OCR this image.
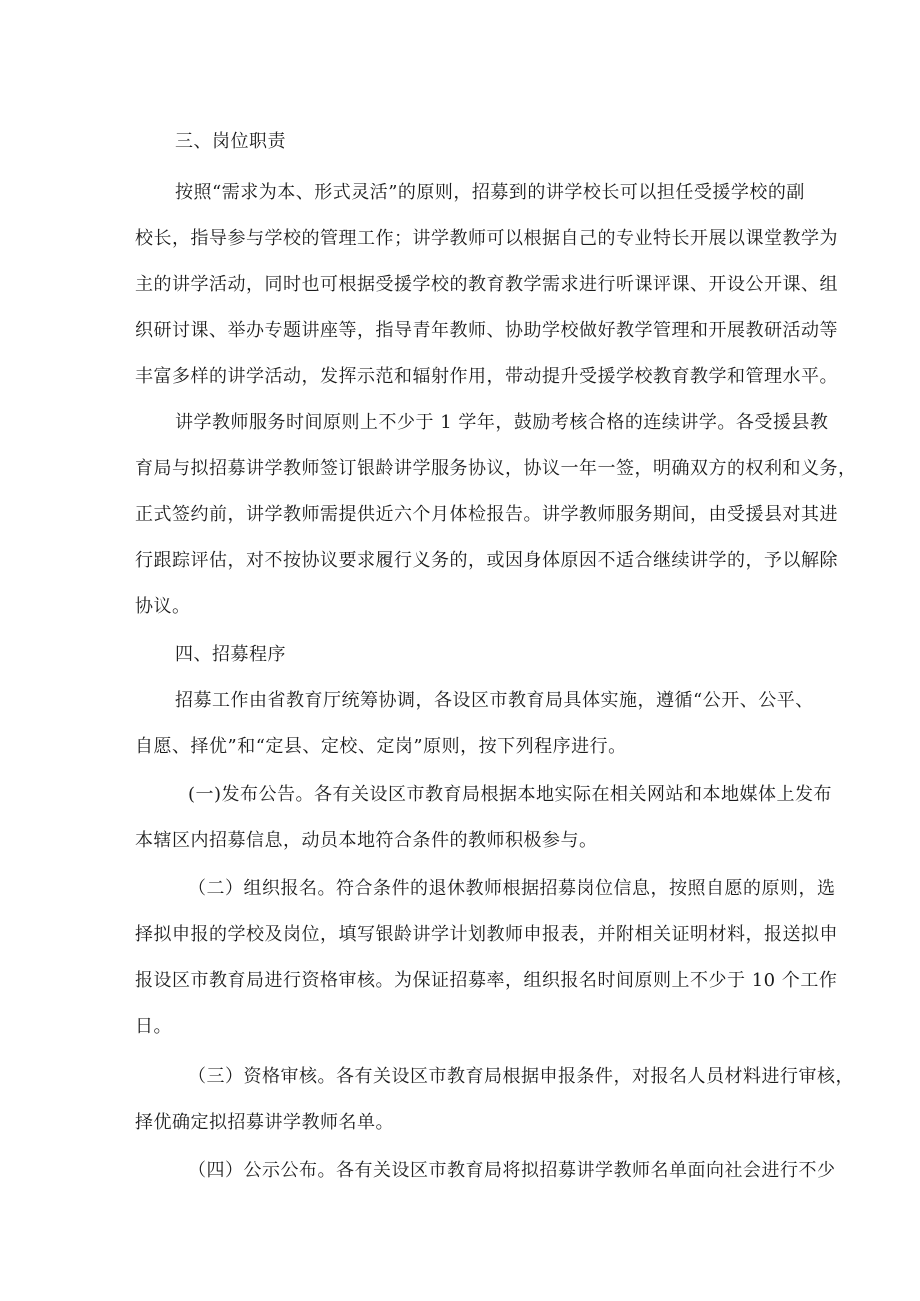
三、岗位职责
按照“需求为本、形式灵活”的原则，招募到的讲学校长可以担任受援学校的副
校长，指导参与学校的管理工作；讲学教师可以根据自己的专业特长开展以课堂教学为
主的讲学活动，同时也可根据受援学校的教育教学需求进行听课评课、开设公开课、组
织研讨课、举办专题讲座等，指导青年教师、协助学校做好教学管理和开展教研活动等
丰富多样的讲学活动，发挥示范和辐射作用，带动提升受援学校教育教学和管理水平。
讲学教师服务时间原则上不少于 1 学年，鼓励考核合格的连续讲学。各受援县教
育局与拟招募讲学教师签订银龄讲学服务协议，协议一年一签，明确双方的权利和义务，
正式签约前，讲学教师需提供近六个月体检报告。讲学教师服务期间，由受援县对其进
行跟踪评估，对不按协议要求履行义务的，或因身体原因不适合继续讲学的，予以解除
协议。
四、招募程序
招募工作由省教育厅统筹协调，各设区市教育局具体实施，遵循“公开、公平、
自愿、择优”和“定县、定校、定岗”原则，按下列程序进行。
(一)发布公告。各有关设区市教育局根据本地实际在相关网站和本地媒体上发布
本辖区内招募信息，动员本地符合条件的教师积极参与。
（二）组织报名。符合条件的退休教师根据招募岗位信息，按照自愿的原则，选
择拟申报的学校及岗位，填写银龄讲学计划教师申报表，并附相关证明材料，报送拟申
报设区市教育局进行资格审核。为保证招募率，组织报名时间原则上不少于 10 个工作
日。
（三）资格审核。各有关设区市教育局根据申报条件，对报名人员材料进行审核，
择优确定拟招募讲学教师名单。
（四）公示公布。各有关设区市教育局将拟招募讲学教师名单面向社会进行不少
